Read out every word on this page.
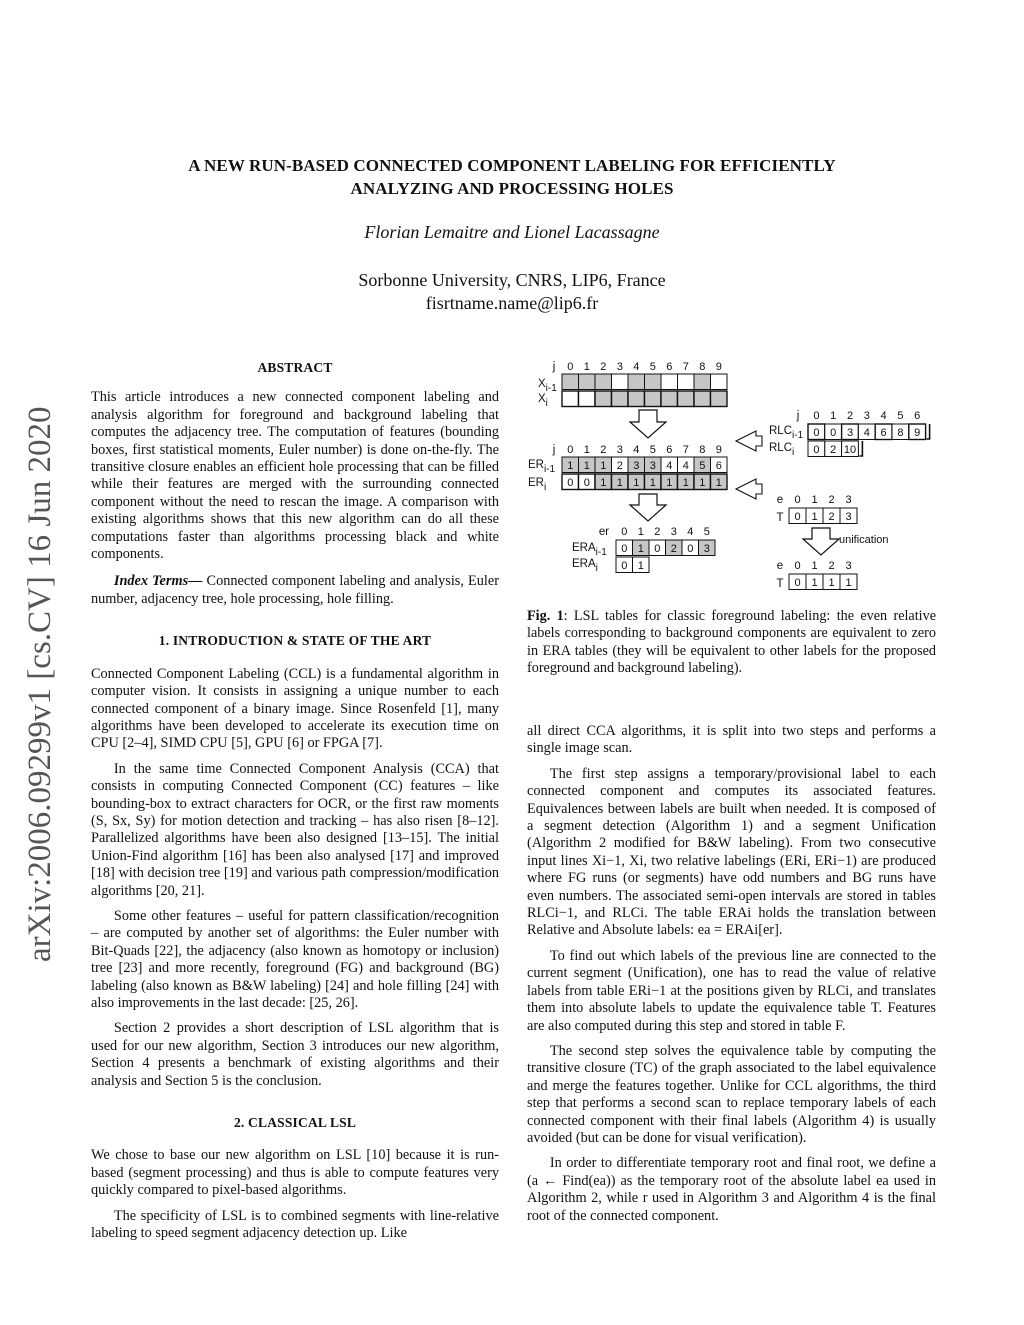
A NEW RUN-BASED CONNECTED COMPONENT LABELING FOR EFFICIENTLY
ANALYZING AND PROCESSING HOLES
Florian Lemaitre and Lionel Lacassagne
Sorbonne University, CNRS, LIP6, France
fisrtname.name@lip6.fr
arXiv:2006.09299v1 [cs.CV] 16 Jun 2020
ABSTRACT

This article introduces a new connected component labeling and analysis algorithm for foreground and background labeling that computes the adjacency tree. The computation of features (bounding boxes, first statistical moments, Euler number) is done on-the-fly. The transitive closure enables an efficient hole processing that can be filled while their features are merged with the surrounding connected component without the need to rescan the image. A comparison with existing algorithms shows that this new algorithm can do all these computations faster than algorithms processing black and white components.

Index Terms— Connected component labeling and analysis, Euler number, adjacency tree, hole processing, hole filling.

1. INTRODUCTION & STATE OF THE ART

Connected Component Labeling (CCL) is a fundamental algorithm in computer vision. It consists in assigning a unique number to each connected component of a binary image. Since Rosenfeld [1], many algorithms have been developed to accelerate its execution time on CPU [2–4], SIMD CPU [5], GPU [6] or FPGA [7].

In the same time Connected Component Analysis (CCA) that consists in computing Connected Component (CC) features – like bounding-box to extract characters for OCR, or the first raw moments (S, Sx, Sy) for motion detection and tracking – has also risen [8–12]. Parallelized algorithms have been also designed [13–15]. The initial Union-Find algorithm [16] has been also analysed [17] and improved [18] with decision tree [19] and various path compression/modification algorithms [20, 21].

Some other features – useful for pattern classification/recognition – are computed by another set of algorithms: the Euler number with Bit-Quads [22], the adjacency (also known as homotopy or inclusion) tree [23] and more recently, foreground (FG) and background (BG) labeling (also known as B&W labeling) [24] and hole filling [24] with also improvements in the last decade: [25, 26].

Section 2 provides a short description of LSL algorithm that is used for our new algorithm, Section 3 introduces our new algorithm, Section 4 presents a benchmark of existing algorithms and their analysis and Section 5 is the conclusion.

2. CLASSICAL LSL

We chose to base our new algorithm on LSL [10] because it is run-based (segment processing) and thus is able to compute features very quickly compared to pixel-based algorithms.

The specificity of LSL is to combined segments with line-relative labeling to speed segment adjacency detection up. Like

j 0 1 2 3 4 5 6 7 8 9
Xi-1
Xi
j 0 1 2 3 4 5 6 7 8 9
ERi-1
ERi
1 1 1 2 3 3 4 4 5 6
0 0 1 1 1 1 1 1 1 1
er 0 1 2 3 4 5
ERAi-1
ERAi
0 1 0 2 0 3
0 1
j 0 1 2 3 4 5 6
RLCi-1
RLCi
0 0 3 4 6 8 9
0 2 10
e 0 1 2 3
T 0 1 2 3
unification
e 0 1 2 3
T 0 1 1 1
Fig. 1: LSL tables for classic foreground labeling: the even relative labels corresponding to background components are equivalent to zero in ERA tables (they will be equivalent to other labels for the proposed foreground and background labeling).

all direct CCA algorithms, it is split into two steps and performs a single image scan.

The first step assigns a temporary/provisional label to each connected component and computes its associated features. Equivalences between labels are built when needed. It is composed of a segment detection (Algorithm 1) and a segment Unification (Algorithm 2 modified for B&W labeling). From two consecutive input lines Xi−1, Xi, two relative labelings (ERi, ERi−1) are produced where FG runs (or segments) have odd numbers and BG runs have even numbers. The associated semi-open intervals are stored in tables RLCi−1, and RLCi. The table ERAi holds the translation between Relative and Absolute labels: ea = ERAi[er].

To find out which labels of the previous line are connected to the current segment (Unification), one has to read the value of relative labels from table ERi−1 at the positions given by RLCi, and translates them into absolute labels to update the equivalence table T. Features are also computed during this step and stored in table F.

The second step solves the equivalence table by computing the transitive closure (TC) of the graph associated to the label equivalence and merge the features together. Unlike for CCL algorithms, the third step that performs a second scan to replace temporary labels of each connected component with their final labels (Algorithm 4) is usually avoided (but can be done for visual verification).

In order to differentiate temporary root and final root, we define a (a ← Find(ea)) as the temporary root of the absolute label ea used in Algorithm 2, while r used in Algorithm 3 and Algorithm 4 is the final root of the connected component.
